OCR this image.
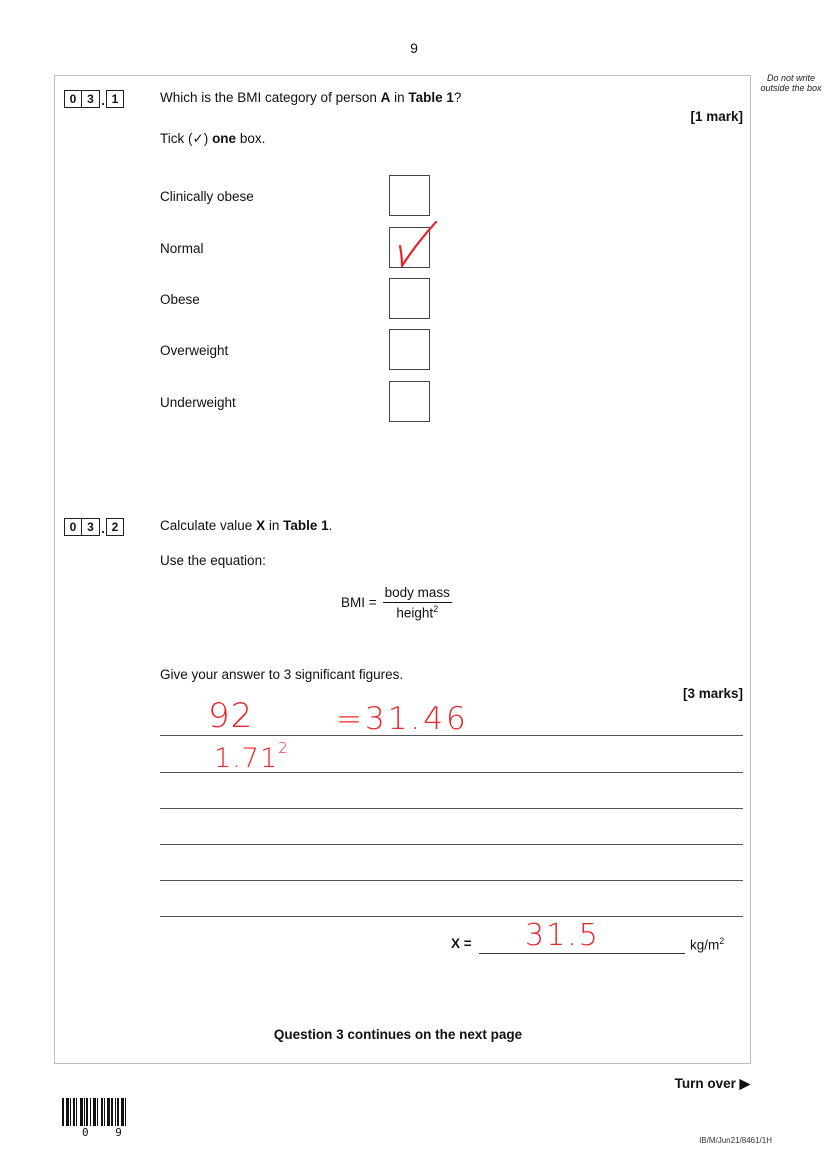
9
Do not write outside the box
0 3 . 1	Which is the BMI category of person A in Table 1?
[1 mark]
Tick (✓) one box.
Clinically obese
Normal
Obese
Overweight
Underweight
0 3 . 2	Calculate value X in Table 1.
Use the equation:
BMI = $\frac{\text{body mass}}{height^2}$
Give your answer to 3 significant figures.
[3 marks]
92	=31.46
1.71$^2$
X = 31.5	$kg/m^2$
Question 3 continues on the next page
Turn over ▶
0 9
IB/M/Jun21/8461/1H
